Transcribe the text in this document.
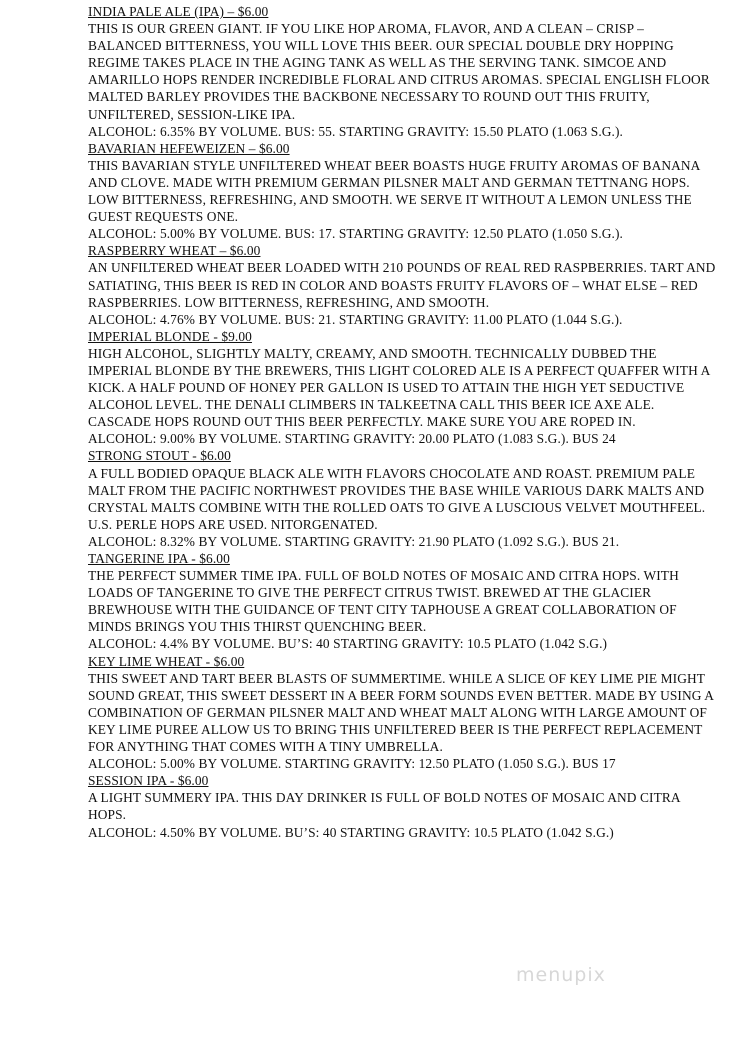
INDIA PALE ALE (IPA) – $6.00
THIS IS OUR GREEN GIANT. IF YOU LIKE HOP AROMA, FLAVOR, AND A CLEAN – CRISP – BALANCED BITTERNESS, YOU WILL LOVE THIS BEER. OUR SPECIAL DOUBLE DRY HOPPING REGIME TAKES PLACE IN THE AGING TANK AS WELL AS THE SERVING TANK. SIMCOE AND AMARILLO HOPS RENDER INCREDIBLE FLORAL AND CITRUS AROMAS. SPECIAL ENGLISH FLOOR MALTED BARLEY PROVIDES THE BACKBONE NECESSARY TO ROUND OUT THIS FRUITY, UNFILTERED, SESSION-LIKE IPA.
ALCOHOL: 6.35% BY VOLUME. BUS: 55. STARTING GRAVITY: 15.50 PLATO (1.063 S.G.).
BAVARIAN HEFEWEIZEN – $6.00
THIS BAVARIAN STYLE UNFILTERED WHEAT BEER BOASTS HUGE FRUITY AROMAS OF BANANA AND CLOVE. MADE WITH PREMIUM GERMAN PILSNER MALT AND GERMAN TETTNANG HOPS. LOW BITTERNESS, REFRESHING, AND SMOOTH. WE SERVE IT WITHOUT A LEMON UNLESS THE GUEST REQUESTS ONE.
ALCOHOL: 5.00% BY VOLUME. BUS: 17. STARTING GRAVITY: 12.50 PLATO (1.050 S.G.).
RASPBERRY WHEAT – $6.00
AN UNFILTERED WHEAT BEER LOADED WITH 210 POUNDS OF REAL RED RASPBERRIES. TART AND SATIATING, THIS BEER IS RED IN COLOR AND BOASTS FRUITY FLAVORS OF – WHAT ELSE – RED RASPBERRIES. LOW BITTERNESS, REFRESHING, AND SMOOTH.
ALCOHOL: 4.76% BY VOLUME. BUS: 21. STARTING GRAVITY: 11.00 PLATO (1.044 S.G.).
IMPERIAL BLONDE - $9.00
HIGH ALCOHOL, SLIGHTLY MALTY, CREAMY, AND SMOOTH. TECHNICALLY DUBBED THE IMPERIAL BLONDE BY THE BREWERS, THIS LIGHT COLORED ALE IS A PERFECT QUAFFER WITH A KICK. A HALF POUND OF HONEY PER GALLON IS USED TO ATTAIN THE HIGH YET SEDUCTIVE ALCOHOL LEVEL. THE DENALI CLIMBERS IN TALKEETNA CALL THIS BEER ICE AXE ALE. CASCADE HOPS ROUND OUT THIS BEER PERFECTLY. MAKE SURE YOU ARE ROPED IN.
ALCOHOL: 9.00% BY VOLUME. STARTING GRAVITY: 20.00 PLATO (1.083 S.G.). BUS 24
STRONG STOUT - $6.00
A FULL BODIED OPAQUE BLACK ALE WITH FLAVORS CHOCOLATE AND ROAST. PREMIUM PALE MALT FROM THE PACIFIC NORTHWEST PROVIDES THE BASE WHILE VARIOUS DARK MALTS AND CRYSTAL MALTS COMBINE WITH THE ROLLED OATS TO GIVE A LUSCIOUS VELVET MOUTHFEEL. U.S. PERLE HOPS ARE USED. NITORGENATED.
ALCOHOL: 8.32% BY VOLUME. STARTING GRAVITY: 21.90 PLATO (1.092 S.G.). BUS 21.
TANGERINE IPA - $6.00
THE PERFECT SUMMER TIME IPA. FULL OF BOLD NOTES OF MOSAIC AND CITRA HOPS. WITH LOADS OF TANGERINE TO GIVE THE PERFECT CITRUS TWIST. BREWED AT THE GLACIER BREWHOUSE WITH THE GUIDANCE OF TENT CITY TAPHOUSE A GREAT COLLABORATION OF MINDS BRINGS YOU THIS THIRST QUENCHING BEER.
ALCOHOL: 4.4% BY VOLUME. BU’S: 40 STARTING GRAVITY: 10.5 PLATO (1.042 S.G.)
KEY LIME WHEAT - $6.00
THIS SWEET AND TART BEER BLASTS OF SUMMERTIME. WHILE A SLICE OF KEY LIME PIE MIGHT SOUND GREAT, THIS SWEET DESSERT IN A BEER FORM SOUNDS EVEN BETTER. MADE BY USING A COMBINATION OF GERMAN PILSNER MALT AND WHEAT MALT ALONG WITH LARGE AMOUNT OF KEY LIME PUREE ALLOW US TO BRING THIS UNFILTERED BEER IS THE PERFECT REPLACEMENT FOR ANYTHING THAT COMES WITH A TINY UMBRELLA.
ALCOHOL: 5.00% BY VOLUME. STARTING GRAVITY: 12.50 PLATO (1.050 S.G.). BUS 17
SESSION IPA - $6.00
A LIGHT SUMMERY IPA. THIS DAY DRINKER IS FULL OF BOLD NOTES OF MOSAIC AND CITRA HOPS.
ALCOHOL: 4.50% BY VOLUME. BU’S: 40 STARTING GRAVITY: 10.5 PLATO (1.042 S.G.)
menupix
